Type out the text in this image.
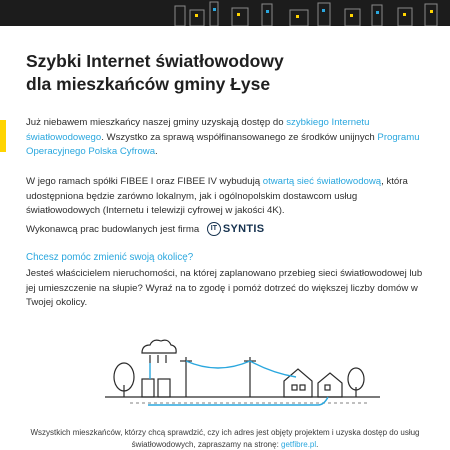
Szybki Internet światłowodowy
dla mieszkańców gminy Łyse

Już niebawem mieszkańcy naszej gminy uzyskają dostęp do szybkiego Internetu światłowodowego. Wszystko za sprawą współfinansowanego ze środków unijnych Programu Operacyjnego Polska Cyfrowa.

W jego ramach spółki FIBEE I oraz FIBEE IV wybudują otwartą sieć światłowodową, która udostępniona będzie zarówno lokalnym, jak i ogólnopolskim dostawcom usług światłowodowych (Internetu i telewizji cyfrowej w jakości 4K).

Wykonawcą prac budowlanych jest firma	IT SYNTIS

Chcesz pomóc zmienić swoją okolicę?

Jesteś właścicielem nieruchomości, na której zaplanowano przebieg sieci światłowodowej lub jej umieszczenie na słupie? Wyraź na to zgodę i pomóż dotrzeć do większej liczby domów w Twojej okolicy.

Wszystkich mieszkańców, którzy chcą sprawdzić, czy ich adres jest objęty projektem i uzyska dostęp do usług światłowodowych, zapraszamy na stronę: getfibre.pl.
